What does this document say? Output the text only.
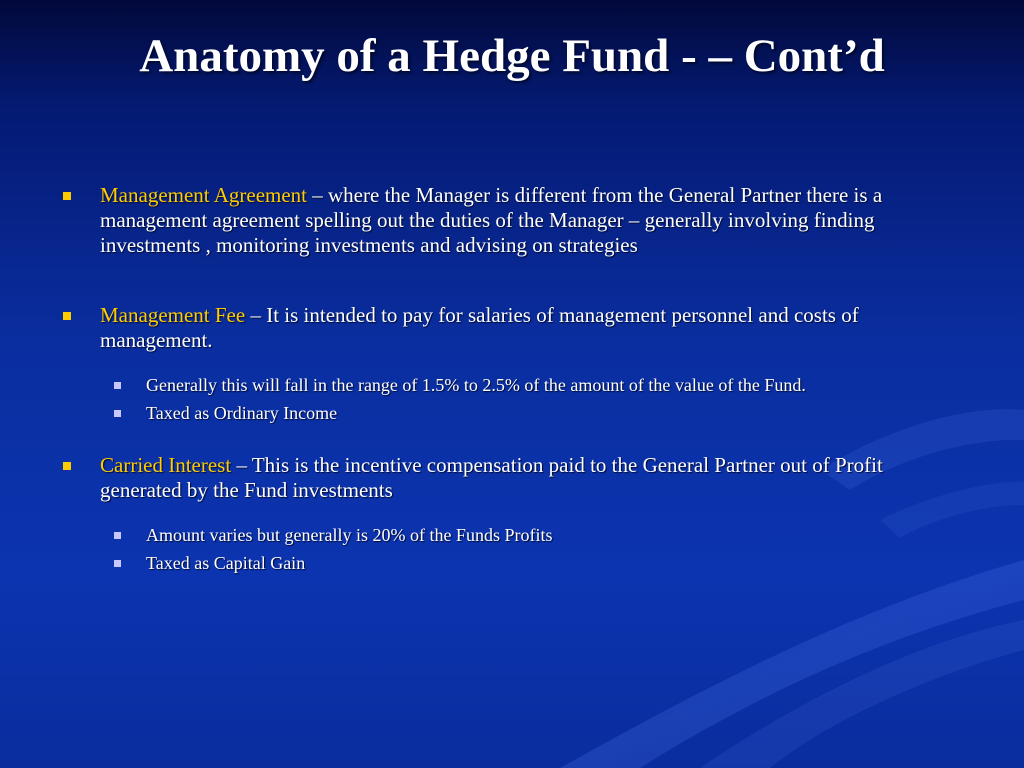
Anatomy of a Hedge Fund - – Cont’d
Management Agreement – where the Manager is different from the General Partner there is a management agreement spelling out the duties of the Manager – generally involving finding investments , monitoring investments and advising on strategies
Management Fee – It is intended to pay for salaries of management personnel and costs of management.
Generally this will fall in the range of 1.5% to 2.5% of the amount of the value of the Fund.
Taxed as Ordinary Income
Carried Interest – This is the incentive compensation paid to the General Partner out of Profit generated by the Fund investments
Amount varies but generally is 20% of the Funds Profits
Taxed as Capital Gain
